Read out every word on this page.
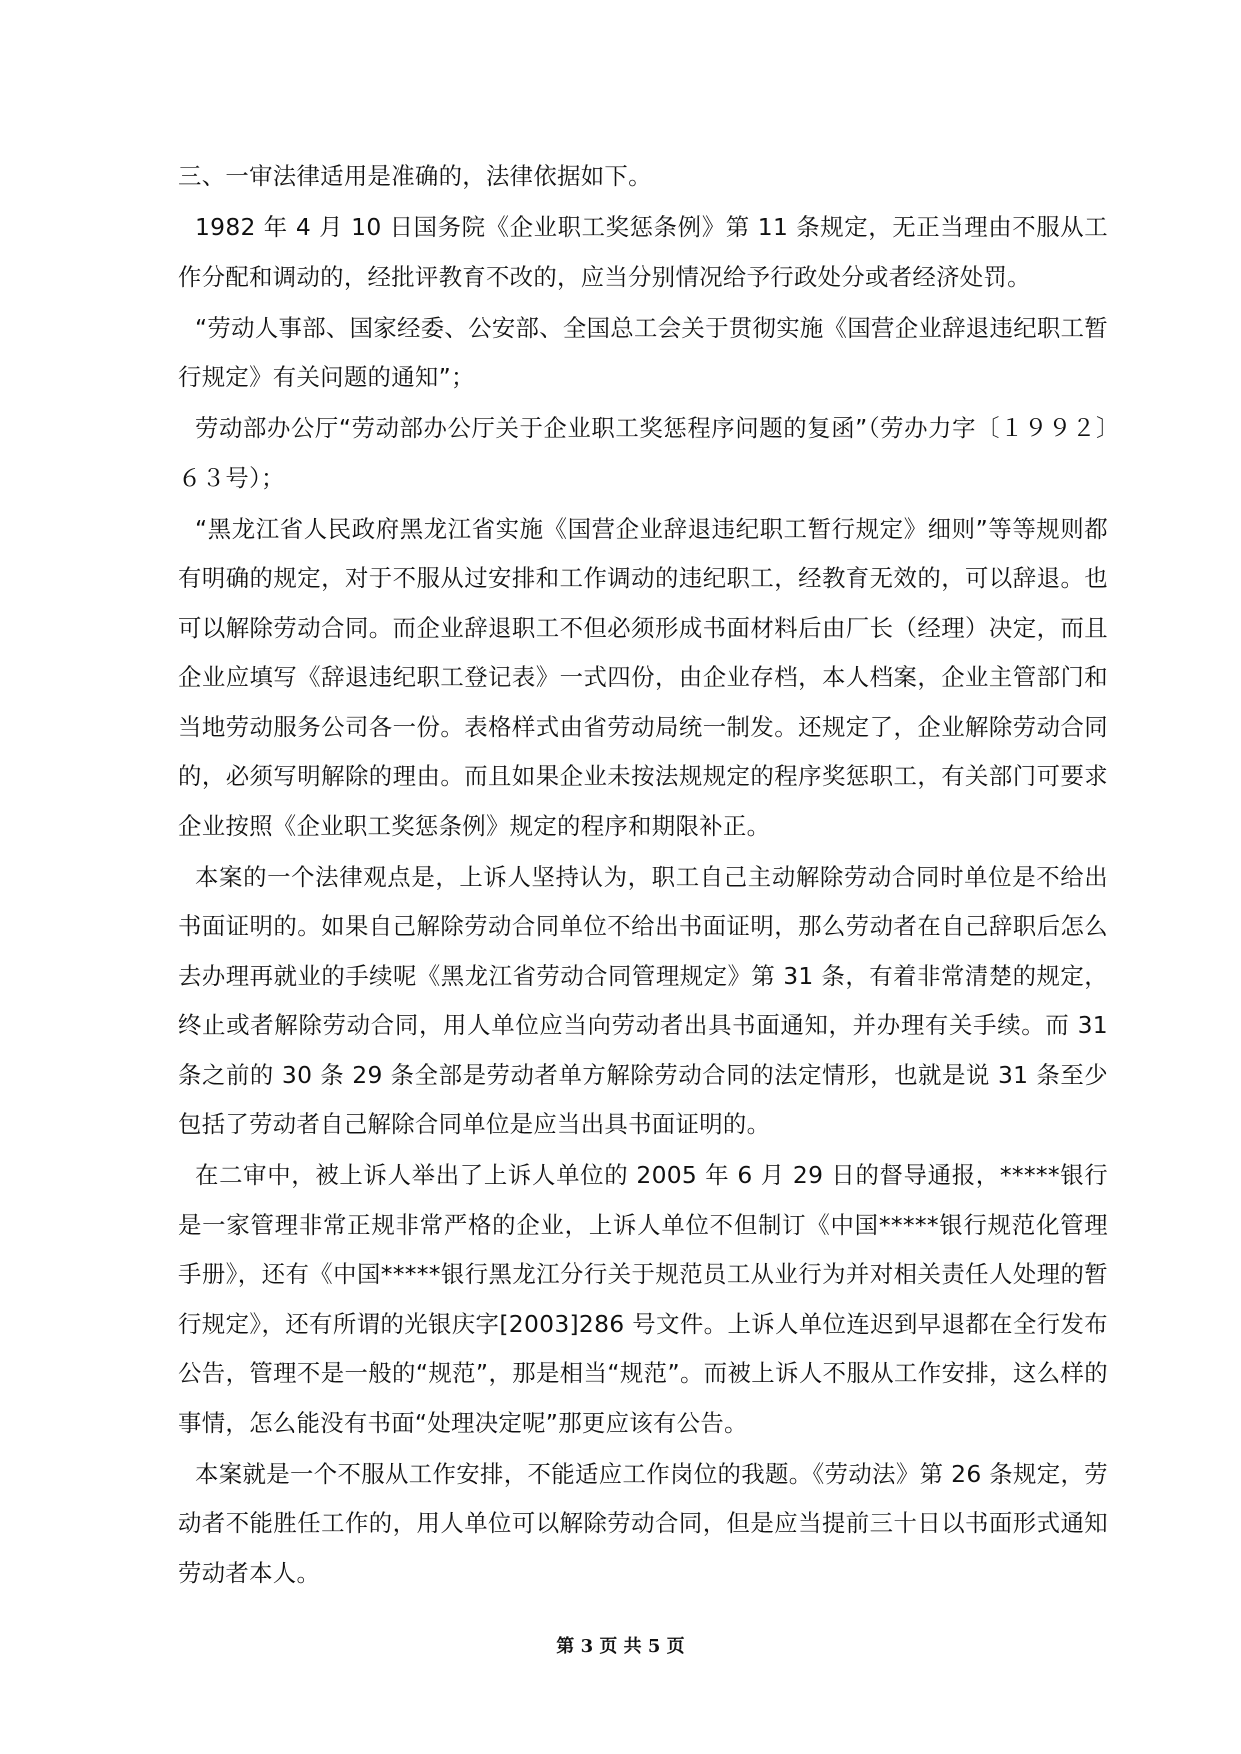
三、一审法律适用是准确的，法律依据如下。

1982 年 4 月 10 日国务院《企业职工奖惩条例》第 11 条规定，无正当理由不服从工作分配和调动的，经批评教育不改的，应当分别情况给予行政处分或者经济处罚。

“劳动人事部、国家经委、公安部、全国总工会关于贯彻实施《国营企业辞退违纪职工暂行规定》有关问题的通知”；

劳动部办公厅“劳动部办公厅关于企业职工奖惩程序问题的复函”（劳办力字〔１９９２〕６３号）；

“黑龙江省人民政府黑龙江省实施《国营企业辞退违纪职工暂行规定》细则”等等规则都有明确的规定，对于不服从过安排和工作调动的违纪职工，经教育无效的，可以辞退。也可以解除劳动合同。而企业辞退职工不但必须形成书面材料后由厂长（经理）决定，而且企业应填写《辞退违纪职工登记表》一式四份，由企业存档，本人档案，企业主管部门和当地劳动服务公司各一份。表格样式由省劳动局统一制发。还规定了，企业解除劳动合同的，必须写明解除的理由。而且如果企业未按法规规定的程序奖惩职工，有关部门可要求企业按照《企业职工奖惩条例》规定的程序和期限补正。

本案的一个法律观点是，上诉人坚持认为，职工自己主动解除劳动合同时单位是不给出书面证明的。如果自己解除劳动合同单位不给出书面证明，那么劳动者在自己辞职后怎么去办理再就业的手续呢《黑龙江省劳动合同管理规定》第 31 条，有着非常清楚的规定，终止或者解除劳动合同，用人单位应当向劳动者出具书面通知，并办理有关手续。而 31 条之前的 30 条 29 条全部是劳动者单方解除劳动合同的法定情形，也就是说 31 条至少包括了劳动者自己解除合同单位是应当出具书面证明的。

在二审中，被上诉人举出了上诉人单位的 2005 年 6 月 29 日的督导通报，*****银行是一家管理非常正规非常严格的企业，上诉人单位不但制订《中国*****银行规范化管理手册》，还有《中国*****银行黑龙江分行关于规范员工从业行为并对相关责任人处理的暂行规定》，还有所谓的光银庆字[2003]286 号文件。上诉人单位连迟到早退都在全行发布公告，管理不是一般的“规范”，那是相当“规范”。而被上诉人不服从工作安排，这么样的事情，怎么能没有书面“处理决定呢”那更应该有公告。

本案就是一个不服从工作安排，不能适应工作岗位的我题。《劳动法》第 26 条规定，劳动者不能胜任工作的，用人单位可以解除劳动合同，但是应当提前三十日以书面形式通知劳动者本人。

第 3 页 共 5 页
